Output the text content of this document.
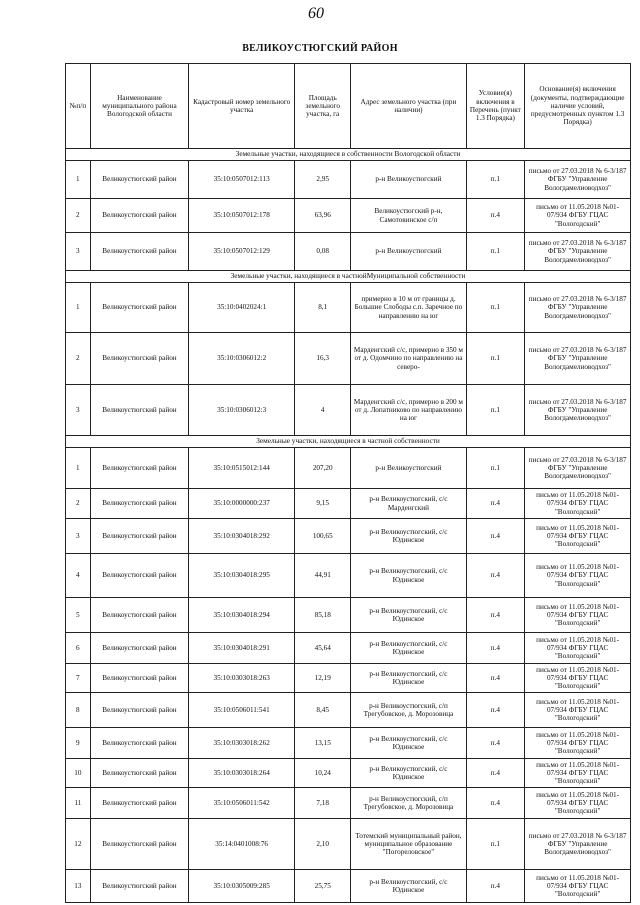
60
ВЕЛИКОУСТЮГСКИЙ РАЙОН
№п/п	Наименование муниципального района Вологодской области	Кадастровый номер земельного участка	Площадь земельного участка, га	Адрес земельного участка (при наличии)	Условие(я) включения в Перечень (пункт 1.3 Порядка)	Основание(я) включения (документы, подтверждающие наличие условий, предусмотренных пунктом 1.3 Порядка)
Земельные участки, находящиеся в собственности Вологодской области						
1	Великоустюгский район	35:10:0507012:113	2,95	р-н Великоустюгский	п.1	письмо от 27.03.2018 № 6-3/187 ФГБУ "Управление Вологдамелиоводхоз"
2	Великоустюгский район	35:10:0507012:178	63,96	Великоустюгский р-н, Самотовинское с/п	п.4	письмо от 11.05.2018 №01-07/934 ФГБУ ГЦАС "Вологодский"
3	Великоустюгский район	35:10:0507012:129	0,08	р-н Великоустюгский	п.1	письмо от 27.03.2018 № 6-3/187 ФГБУ "Управление Вологдамелиоводхоз"
Земельные участки, находящиеся в частнойМуниципальной собственности						
1	Великоустюгский район	35:10:0402024:1	8,1	примерно в 10 м от границы д. Большие Слободы с.п. Заречное по направлению на юг	п.1	письмо от 27.03.2018 № 6-3/187 ФГБУ "Управление Вологдамелиоводхоз"
2	Великоустюгский район	35:10:0306012:2	16,3	Марденгский с/с, примерно в 350 м от д. Одомчино по направлению на северо-	п.1	письмо от 27.03.2018 № 6-3/187 ФГБУ "Управление Вологдамелиоводхоз"
3	Великоустюгский район	35:10:0306012:3	4	Марденгский с/с, примерно в 200 м от д. Лопатниково по направлению на юг	п.1	письмо от 27.03.2018 № 6-3/187 ФГБУ "Управление Вологдамелиоводхоз"
Земельные участки, находящиеся в частной собственности						
1	Великоустюгский район	35:10:0515012:144	207,20	р-н Великоустюгский	п.1	письмо от 27.03.2018 № 6-3/187 ФГБУ "Управление Вологдамелиоводхоз"
2	Великоустюгский район	35:10:0000000:237	9,15	р-н Великоустюгский, с/с Марденгский	п.4	письмо от 11.05.2018 №01-07/934 ФГБУ ГЦАС "Вологодский"
3	Великоустюгский район	35:10:0304018:292	100,65	р-н Великоустюгский, с/с Юдинское	п.4	письмо от 11.05.2018 №01-07/934 ФГБУ ГЦАС "Вологодский"
4	Великоустюгский район	35:10:0304018:295	44,91	р-н Великоустюгский, с/с Юдинское	п.4	письмо от 11.05.2018 №01-07/934 ФГБУ ГЦАС "Вологодский"
5	Великоустюгский район	35:10:0304018:294	85,18	р-н Великоустюгский, с/с Юдинское	п.4	письмо от 11.05.2018 №01-07/934 ФГБУ ГЦАС "Вологодский"
6	Великоустюгский район	35:10:0304018:291	45,64	р-н Великоустюгский, с/с Юдинское	п.4	письмо от 11.05.2018 №01-07/934 ФГБУ ГЦАС "Вологодский"
7	Великоустюгский район	35:10:0303018:263	12,19	р-н Великоустюгский, с/с Юдинское	п.4	письмо от 11.05.2018 №01-07/934 ФГБУ ГЦАС "Вологодский"
8	Великоустюгский район	35:10:0506011:541	8,45	р-н Великоустюгский, с/п Трегубовское, д. Морозовица	п.4	письмо от 11.05.2018 №01-07/934 ФГБУ ГЦАС "Вологодский"
9	Великоустюгский район	35:10:0303018:262	13,15	р-н Великоустюгский, с/с Юдинское	п.4	письмо от 11.05.2018 №01-07/934 ФГБУ ГЦАС "Вологодский"
10	Великоустюгский район	35:10:0303018:264	10,24	р-н Великоустюгский, с/с Юдинское	п.4	письмо от 11.05.2018 №01-07/934 ФГБУ ГЦАС "Вологодский"
11	Великоустюгский район	35:10:0506011:542	7,18	р-н Великоустюгский, с/п Трегубовское, д. Морозовица	п.4	письмо от 11.05.2018 №01-07/934 ФГБУ ГЦАС "Вологодский"
12	Великоустюгский район	35:14:0401008:76	2,10	Тотемский муниципальный район, муниципальное образование "Погореловское"	п.1	письмо от 27.03.2018 № 6-3/187 ФГБУ "Управление Вологдамелиоводхоз"
13	Великоустюгский район	35:10:0305009:285	25,75	р-н Великоустюгский, с/с Юдинское	п.4	письмо от 11.05.2018 №01-07/934 ФГБУ ГЦАС "Вологодский"
